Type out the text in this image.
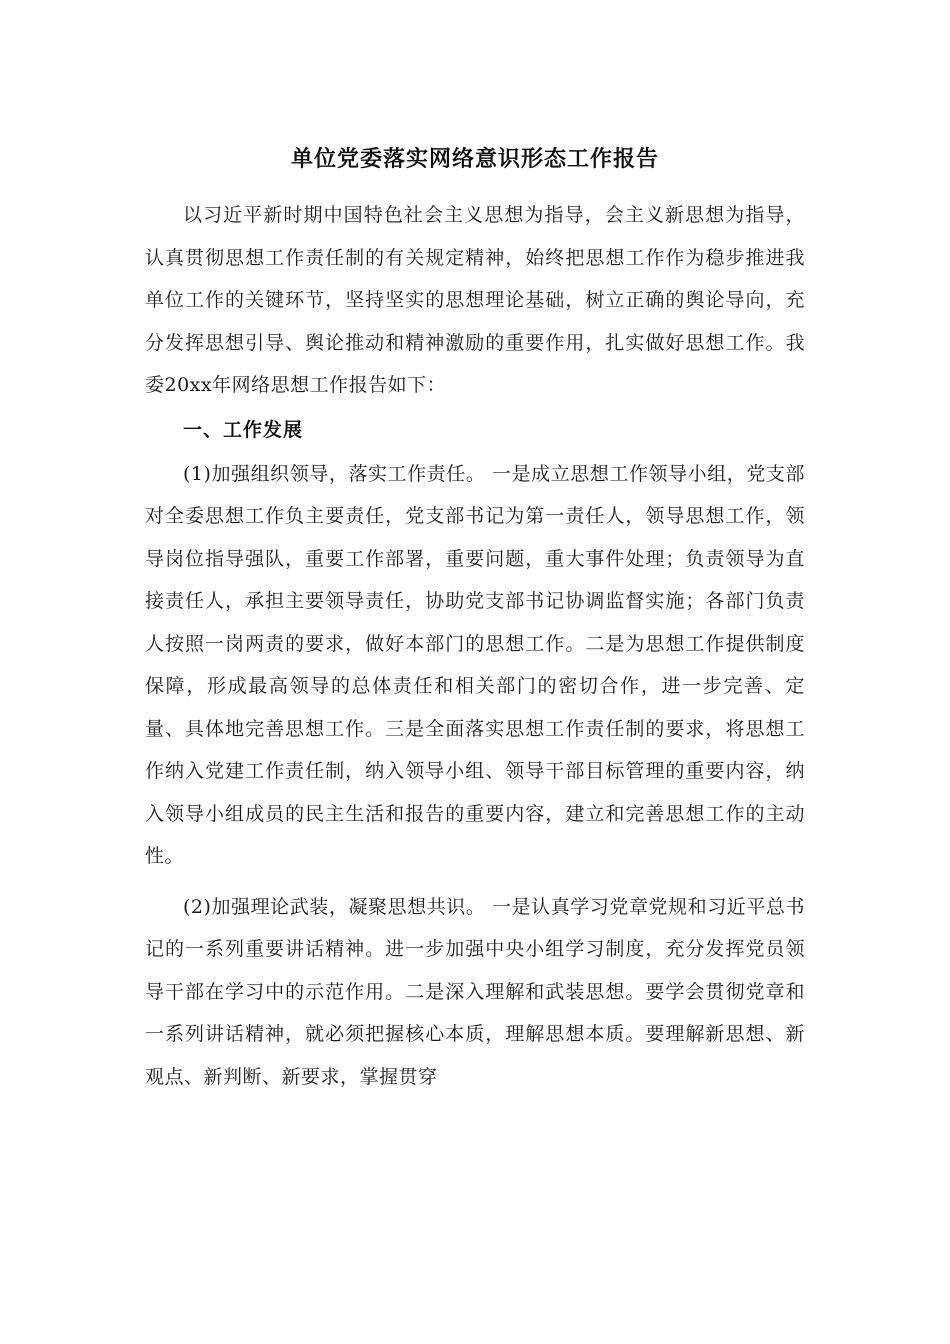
单位党委落实网络意识形态工作报告

以习近平新时期中国特色社会主义思想为指导，会主义新思想为指导，认真贯彻思想工作责任制的有关规定精神，始终把思想工作作为稳步推进我单位工作的关键环节，坚持坚实的思想理论基础，树立正确的舆论导向，充分发挥思想引导、舆论推动和精神激励的重要作用，扎实做好思想工作。我委20xx年网络思想工作报告如下：

一、工作发展

(1)加强组织领导，落实工作责任。 一是成立思想工作领导小组，党支部对全委思想工作负主要责任，党支部书记为第一责任人，领导思想工作，领导岗位指导强队，重要工作部署，重要问题，重大事件处理；负责领导为直接责任人，承担主要领导责任，协助党支部书记协调监督实施；各部门负责人按照一岗两责的要求，做好本部门的思想工作。二是为思想工作提供制度保障，形成最高领导的总体责任和相关部门的密切合作，进一步完善、定量、具体地完善思想工作。三是全面落实思想工作责任制的要求，将思想工作纳入党建工作责任制，纳入领导小组、领导干部目标管理的重要内容，纳入领导小组成员的民主生活和报告的重要内容，建立和完善思想工作的主动性。

(2)加强理论武装，凝聚思想共识。 一是认真学习党章党规和习近平总书记的一系列重要讲话精神。进一步加强中央小组学习制度，充分发挥党员领导干部在学习中的示范作用。二是深入理解和武装思想。要学会贯彻党章和一系列讲话精神，就必须把握核心本质，理解思想本质。要理解新思想、新观点、新判断、新要求，掌握贯穿
